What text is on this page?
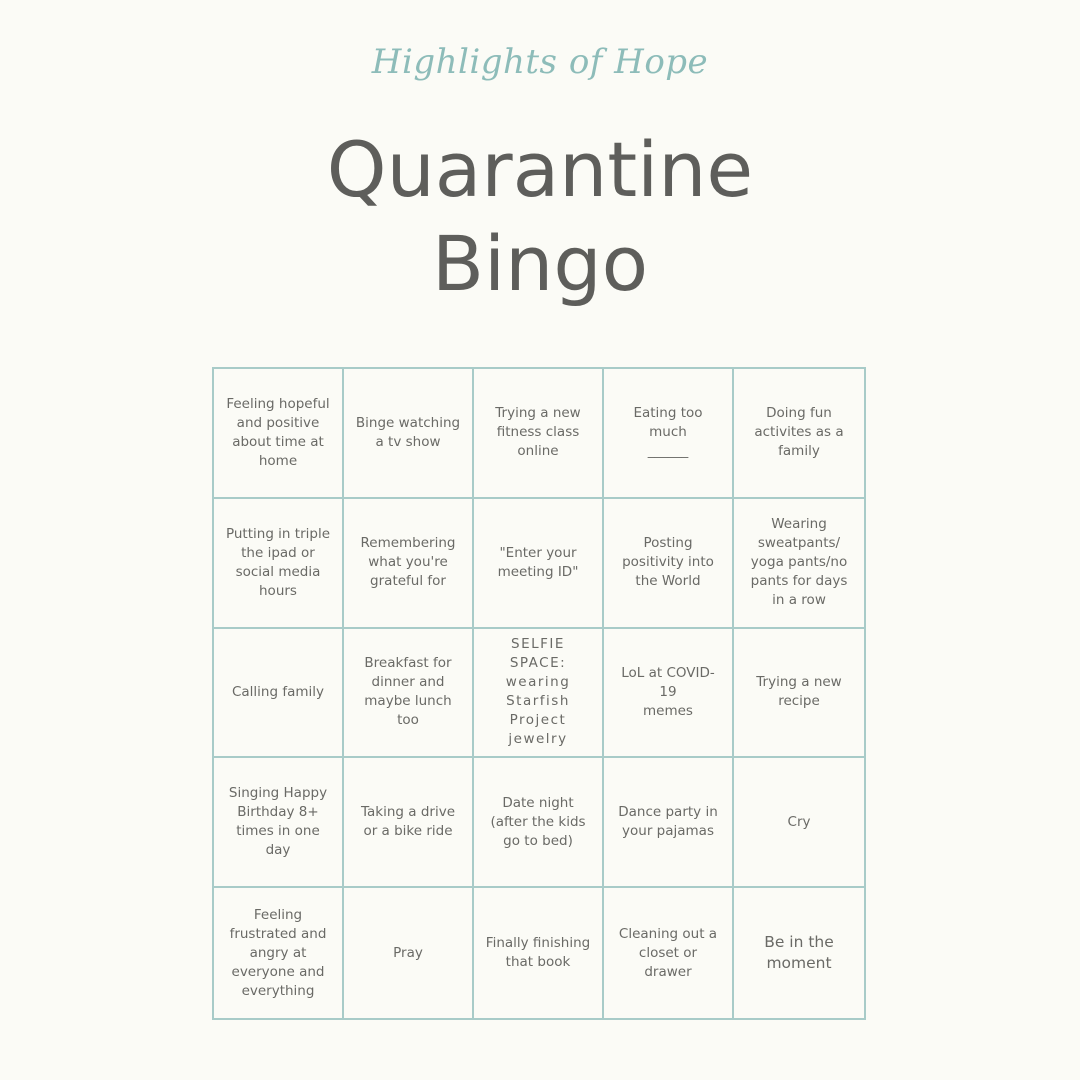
Highlights of Hope
Quarantine
Bingo
Feeling hopeful
and positive
about time at
home
Binge watching
a tv show
Trying a new
fitness class
online
Eating too much
______
Doing fun
activites as a
family
Putting in triple
the ipad or
social media
hours
Remembering
what you're
grateful for
"Enter your
meeting ID"
Posting
positivity into
the World
Wearing
sweatpants/
yoga pants/no
pants for days
in a row
Calling family
Breakfast for
dinner and
maybe lunch
too
SELFIE
SPACE:
wearing
Starfish
Project
jewelry
LoL at COVID-19
memes
Trying a new
recipe
Singing Happy
Birthday 8+
times in one
day
Taking a drive
or a bike ride
Date night
(after the kids
go to bed)
Dance party in
your pajamas
Cry
Feeling
frustrated and
angry at
everyone and
everything
Pray
Finally finishing
that book
Cleaning out a
closet or drawer
Be in the
moment
